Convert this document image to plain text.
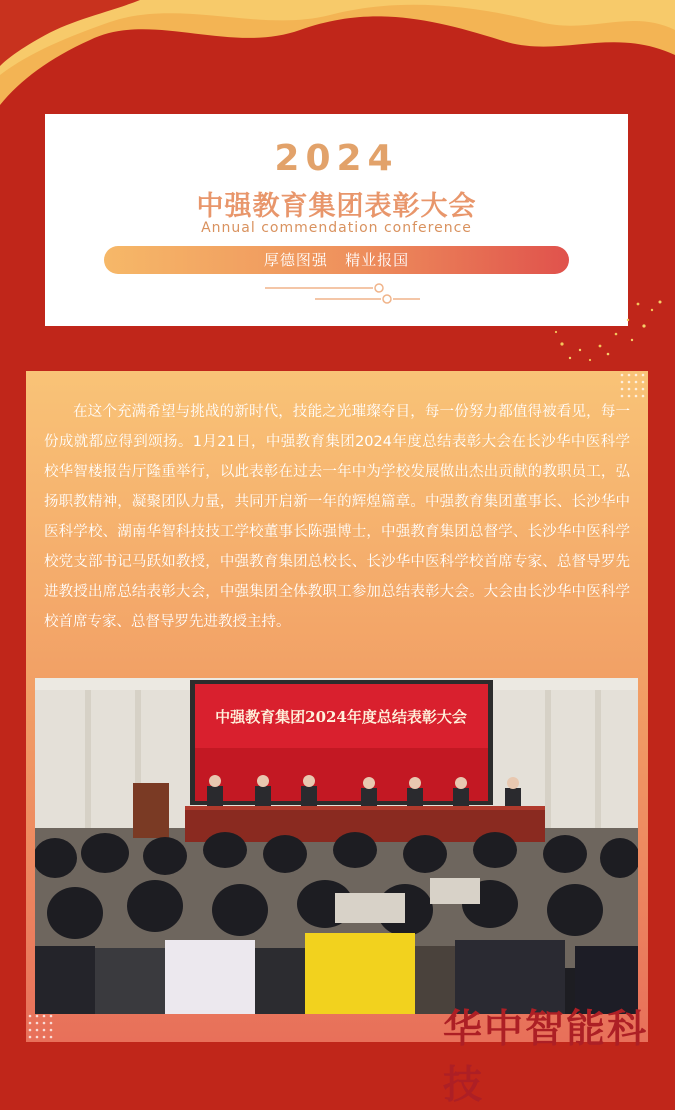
2024
中强教育集团表彰大会
Annual commendation conference
厚德图强   精业报国

在这个充满希望与挑战的新时代，技能之光璀璨夺目，每一份努力都值得被看见，每一份成就都应得到颂扬。1月21日，中强教育集团2024年度总结表彰大会在长沙华中医科学校华智楼报告厅隆重举行，以此表彰在过去一年中为学校发展做出杰出贡献的教职员工，弘扬职教精神，凝聚团队力量，共同开启新一年的辉煌篇章。中强教育集团董事长、长沙华中医科学校、湖南华智科技技工学校董事长陈强博士，中强教育集团总督学、长沙华中医科学校党支部书记马跃如教授，中强教育集团总校长、长沙华中医科学校首席专家、总督导罗先进教授出席总结表彰大会，中强集团全体教职工参加总结表彰大会。大会由长沙华中医科学校首席专家、总督导罗先进教授主持。

中强教育集团2024年度总结表彰大会
华中智能科技
